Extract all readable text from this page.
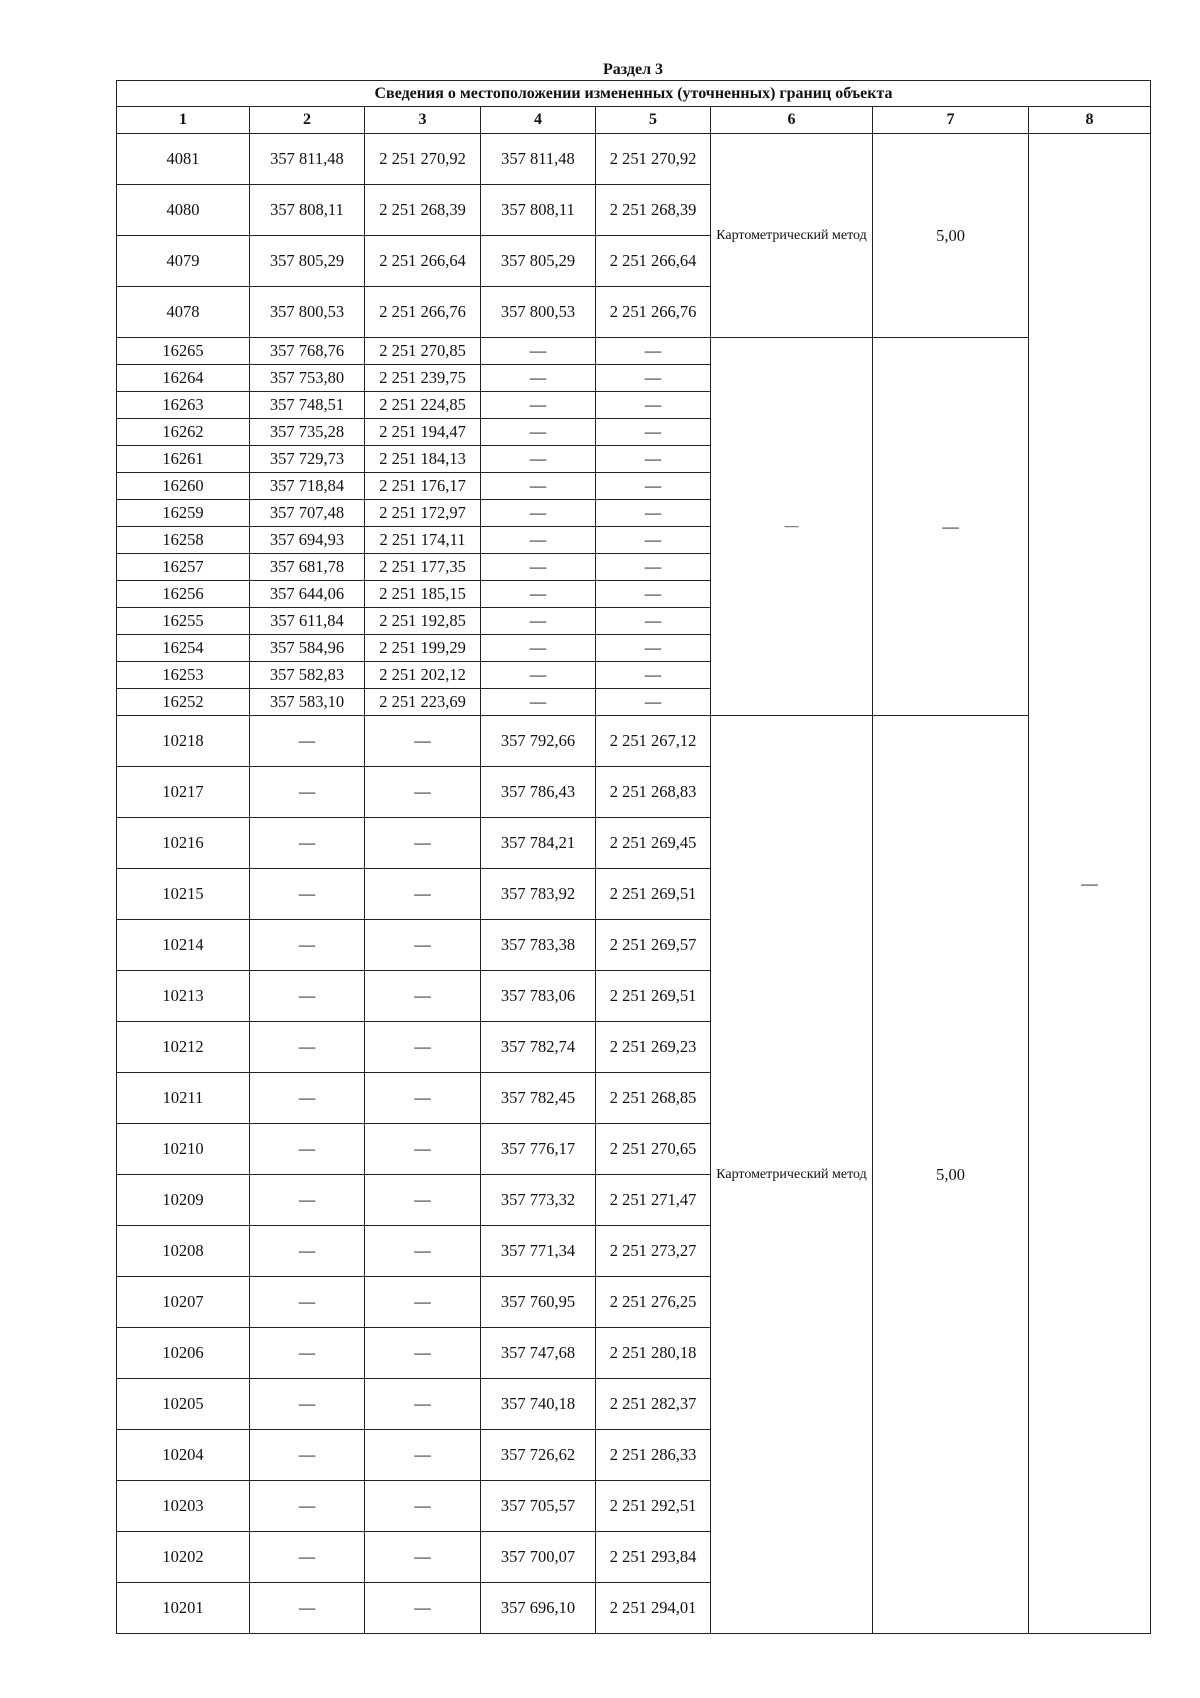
Раздел 3
Сведения о местоположении измененных (уточненных) границ объекта							
1	2	3	4	5	6	7	8
4081	357 811,48	2 251 270,92	357 811,48	2 251 270,92	Картометрический метод	5,00	—
4080	357 808,11	2 251 268,39	357 808,11	2 251 268,39			
4079	357 805,29	2 251 266,64	357 805,29	2 251 266,64			
4078	357 800,53	2 251 266,76	357 800,53	2 251 266,76			
16265	357 768,76	2 251 270,85	—	—	—	—	
16264	357 753,80	2 251 239,75	—	—			
16263	357 748,51	2 251 224,85	—	—			
16262	357 735,28	2 251 194,47	—	—			
16261	357 729,73	2 251 184,13	—	—			
16260	357 718,84	2 251 176,17	—	—			
16259	357 707,48	2 251 172,97	—	—			
16258	357 694,93	2 251 174,11	—	—			
16257	357 681,78	2 251 177,35	—	—			
16256	357 644,06	2 251 185,15	—	—			
16255	357 611,84	2 251 192,85	—	—			
16254	357 584,96	2 251 199,29	—	—			
16253	357 582,83	2 251 202,12	—	—			
16252	357 583,10	2 251 223,69	—	—			
10218	—	—	357 792,66	2 251 267,12	Картометрический метод	5,00	
10217	—	—	357 786,43	2 251 268,83			
10216	—	—	357 784,21	2 251 269,45			
10215	—	—	357 783,92	2 251 269,51			
10214	—	—	357 783,38	2 251 269,57			
10213	—	—	357 783,06	2 251 269,51			
10212	—	—	357 782,74	2 251 269,23			
10211	—	—	357 782,45	2 251 268,85			
10210	—	—	357 776,17	2 251 270,65			
10209	—	—	357 773,32	2 251 271,47			
10208	—	—	357 771,34	2 251 273,27			
10207	—	—	357 760,95	2 251 276,25			
10206	—	—	357 747,68	2 251 280,18			
10205	—	—	357 740,18	2 251 282,37			
10204	—	—	357 726,62	2 251 286,33			
10203	—	—	357 705,57	2 251 292,51			
10202	—	—	357 700,07	2 251 293,84			
10201	—	—	357 696,10	2 251 294,01			
